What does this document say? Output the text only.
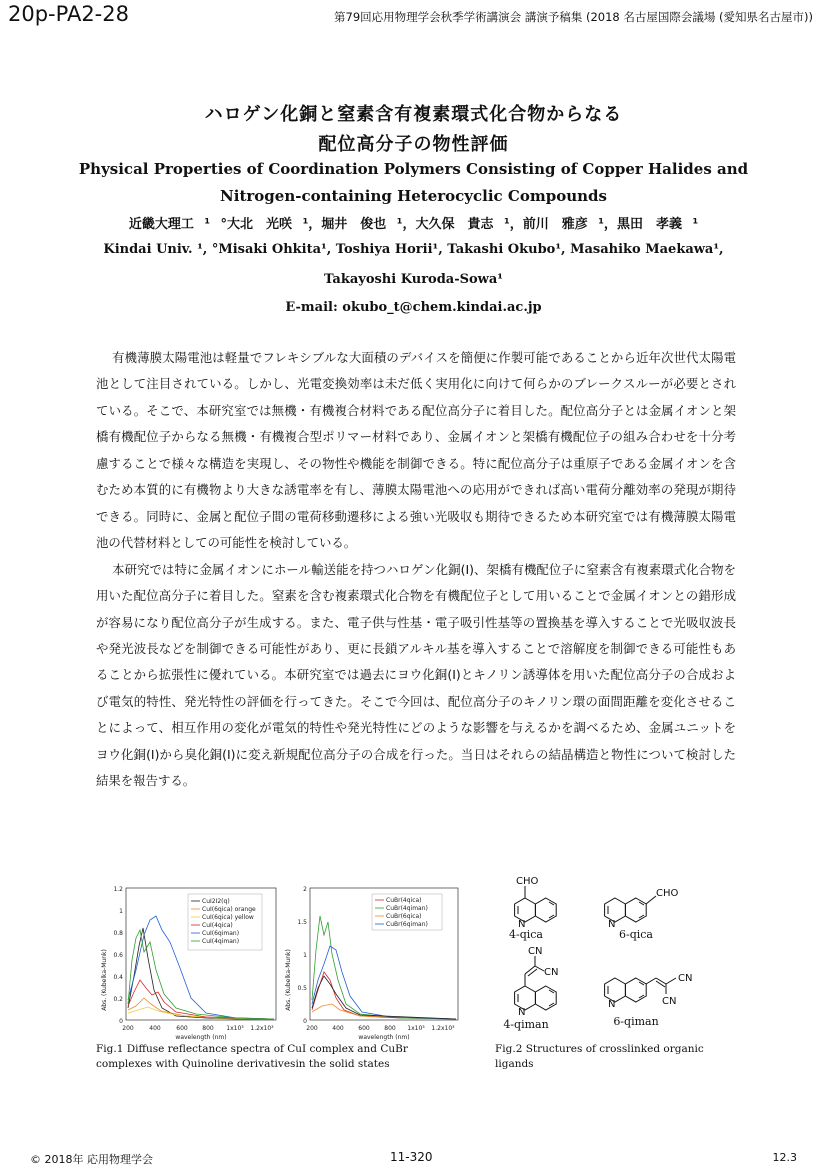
20p-PA2-28	第79回応用物理学会秋季学術講演会 講演予稿集 (2018 名古屋国際会議場 (愛知県名古屋市))
ハロゲン化銅と窒素含有複素環式化合物からなる
配位高分子の物性評価
Physical Properties of Coordination Polymers Consisting of Copper Halides and
Nitrogen-containing Heterocyclic Compounds
近畿大理工 ¹ °大北　光咲 ¹，堀井　俊也 ¹，大久保　貴志 ¹，前川　雅彦 ¹，黒田　孝義 ¹
Kindai Univ. ¹, °Misaki Ohkita¹, Toshiya Horii¹, Takashi Okubo¹, Masahiko Maekawa¹,
Takayoshi Kuroda-Sowa¹
E-mail: okubo_t@chem.kindai.ac.jp

有機薄膜太陽電池は軽量でフレキシブルな大面積のデバイスを簡便に作製可能であることから近年次世代太陽電池として注目されている。しかし、光電変換効率は未だ低く実用化に向けて何らかのブレークスルーが必要とされている。そこで、本研究室では無機・有機複合材料である配位高分子に着目した。配位高分子とは金属イオンと架橋有機配位子からなる無機・有機複合型ポリマー材料であり、金属イオンと架橋有機配位子の組み合わせを十分考慮することで様々な構造を実現し、その物性や機能を制御できる。特に配位高分子は重原子である金属イオンを含むため本質的に有機物より大きな誘電率を有し、薄膜太陽電池への応用ができれば高い電荷分離効率の発現が期待できる。同時に、金属と配位子間の電荷移動遷移による強い光吸収も期待できるため本研究室では有機薄膜太陽電池の代替材料としての可能性を検討している。

本研究では特に金属イオンにホール輸送能を持つハロゲン化銅(I)、架橋有機配位子に窒素含有複素環式化合物を用いた配位高分子に着目した。窒素を含む複素環式化合物を有機配位子として用いることで金属イオンとの錯形成が容易になり配位高分子が生成する。また、電子供与性基・電子吸引性基等の置換基を導入することで光吸収波長や発光波長などを制御できる可能性があり、更に長鎖アルキル基を導入することで溶解度を制御できる可能性もあることから拡張性に優れている。本研究室では過去にヨウ化銅(I)とキノリン誘導体を用いた配位高分子の合成および電気的特性、発光特性の評価を行ってきた。そこで今回は、配位高分子のキノリン環の面間距離を変化させることによって、相互作用の変化が電気的特性や発光特性にどのような影響を与えるかを調べるため、金属ユニットをヨウ化銅(I)から臭化銅(I)に変え新規配位高分子の合成を行った。当日はそれらの結晶構造と物性について検討した結果を報告する。

Abs. (Kubelka-Munk)
0
0.2
0.4
0.6
0.8
1
1.2
200	400	600 800 1x10³ 1.2x10³
wavelength (nm)
CuI2I2(q)
CuI(6qica) orange
CuI(6qica) yellow
CuI(4qica)
CuI(6qiman)
CuI(4qiman)
Abs. (Kubelka-Munk)
0
0.5
1
1.5
2
200 400 600 800 1x10³ 1.2x10³
wavelength (nm)
CuBr(4qica)
CuBr(4qiman)
CuBr(6qica)
CuBr(6qiman)
Fig.1 Diffuse reflectance spectra of CuI complex and CuBr
complexes with Quinoline derivativesin the solid states
CHO
N
4-qica
CHO
N
6-qica
CN
CN
N
4-qiman
CN
CN
N
6-qiman
Fig.2 Structures of crosslinked organic ligands
© 2018年 応用物理学会	11-320	12.3
